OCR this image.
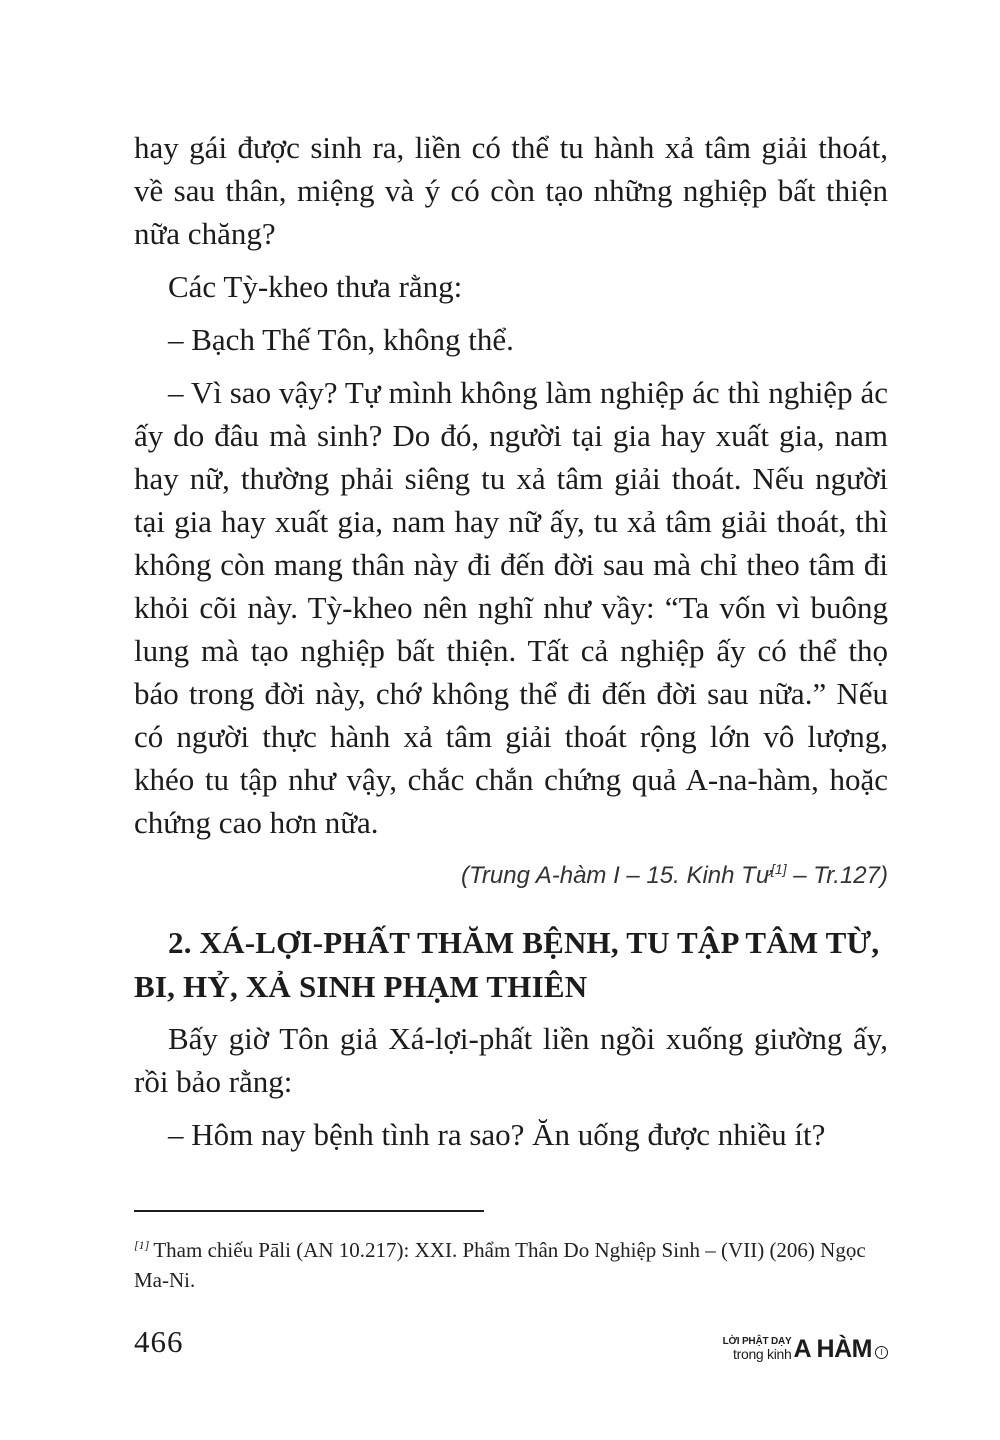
hay gái được sinh ra, liền có thể tu hành xả tâm giải thoát, về sau thân, miệng và ý có còn tạo những nghiệp bất thiện nữa chăng?

Các Tỳ-kheo thưa rằng:

– Bạch Thế Tôn, không thể.

– Vì sao vậy? Tự mình không làm nghiệp ác thì nghiệp ác ấy do đâu mà sinh? Do đó, người tại gia hay xuất gia, nam hay nữ, thường phải siêng tu xả tâm giải thoát. Nếu người tại gia hay xuất gia, nam hay nữ ấy, tu xả tâm giải thoát, thì không còn mang thân này đi đến đời sau mà chỉ theo tâm đi khỏi cõi này. Tỳ-kheo nên nghĩ như vầy: “Ta vốn vì buông lung mà tạo nghiệp bất thiện. Tất cả nghiệp ấy có thể thọ báo trong đời này, chớ không thể đi đến đời sau nữa.” Nếu có người thực hành xả tâm giải thoát rộng lớn vô lượng, khéo tu tập như vậy, chắc chắn chứng quả A-na-hàm, hoặc chứng cao hơn nữa.

(Trung A-hàm I – 15. Kinh Tư[1] – Tr.127)
2. XÁ-LỢI-PHẤT THĂM BỆNH, TU TẬP TÂM TỪ, BI, HỶ, XẢ SINH PHẠM THIÊN

Bấy giờ Tôn giả Xá-lợi-phất liền ngồi xuống giường ấy, rồi bảo rằng:

– Hôm nay bệnh tình ra sao? Ăn uống được nhiều ít?

[1] Tham chiếu Pāli (AN 10.217): XXI. Phẩm Thân Do Nghiệp Sinh – (VII) (206) Ngọc Ma-Ni.
466	LỜI PHẬT DẠY
trong kinh A HÀM	I
